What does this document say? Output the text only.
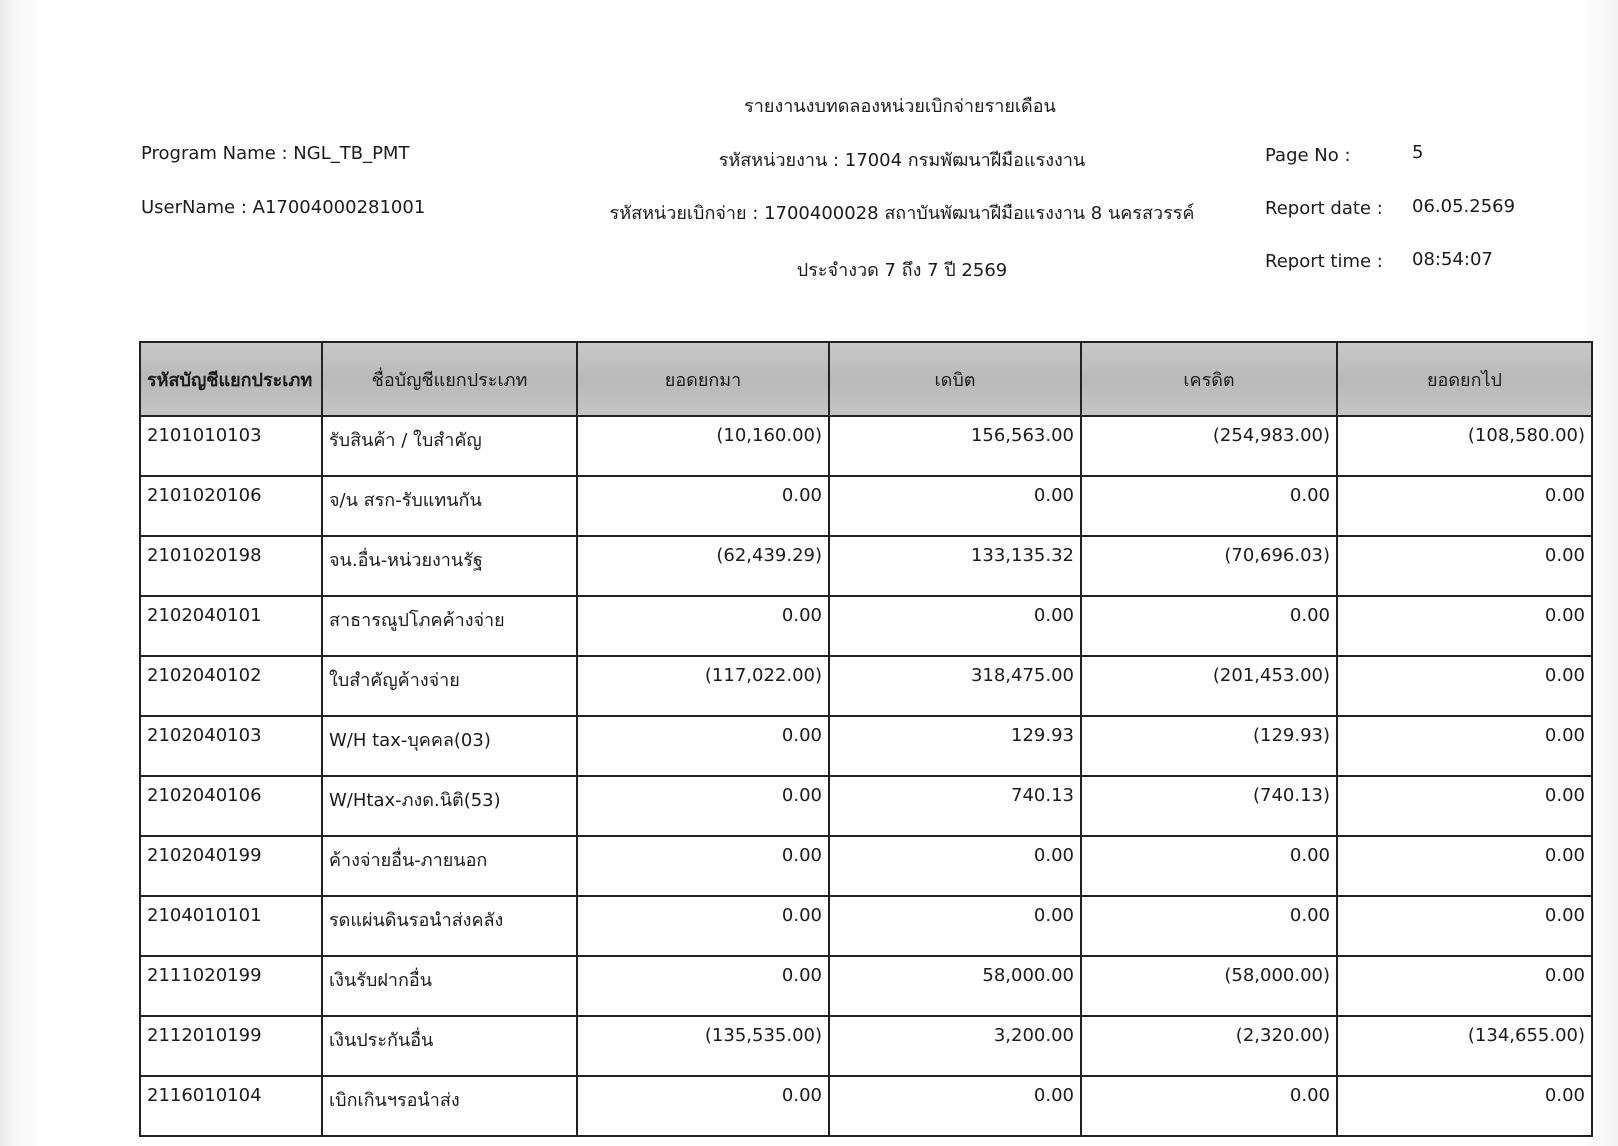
รายงานงบทดลองหน่วยเบิกจ่ายรายเดือน
Program Name : NGL_TB_PMT
UserName : A17004000281001
รหัสหน่วยงาน : 17004 กรมพัฒนาฝีมือแรงงาน
รหัสหน่วยเบิกจ่าย : 1700400028 สถาบันพัฒนาฝีมือแรงงาน 8 นครสวรรค์
ประจำงวด 7 ถึง 7 ปี 2569
Page No :	5
Report date : 06.05.2569
Report time : 08:54:07
รหัสบัญชีแยกประเภท	ชื่อบัญชีแยกประเภท	ยอดยกมา	เดบิต	เครดิต	ยอดยกไป
2101010103	รับสินค้า / ใบสำคัญ	(10,160.00)	156,563.00	(254,983.00)	(108,580.00)
2101020106	จ/น สรก-รับแทนกัน	0.00	0.00	0.00	0.00
2101020198	จน.อื่น-หน่วยงานรัฐ	(62,439.29)	133,135.32	(70,696.03)	0.00
2102040101	สาธารณูปโภคค้างจ่าย	0.00	0.00	0.00	0.00
2102040102	ใบสำคัญค้างจ่าย	(117,022.00)	318,475.00	(201,453.00)	0.00
2102040103	W/H tax-บุคคล(03)	0.00	129.93	(129.93)	0.00
2102040106	W/Htax-ภงด.นิติ(53)	0.00	740.13	(740.13)	0.00
2102040199	ค้างจ่ายอื่น-ภายนอก	0.00	0.00	0.00	0.00
2104010101	รดแผ่นดินรอนำส่งคลัง	0.00	0.00	0.00	0.00
2111020199	เงินรับฝากอื่น	0.00	58,000.00	(58,000.00)	0.00
2112010199	เงินประกันอื่น	(135,535.00)	3,200.00	(2,320.00)	(134,655.00)
2116010104	เบิกเกินฯรอนำส่ง	0.00	0.00	0.00	0.00
